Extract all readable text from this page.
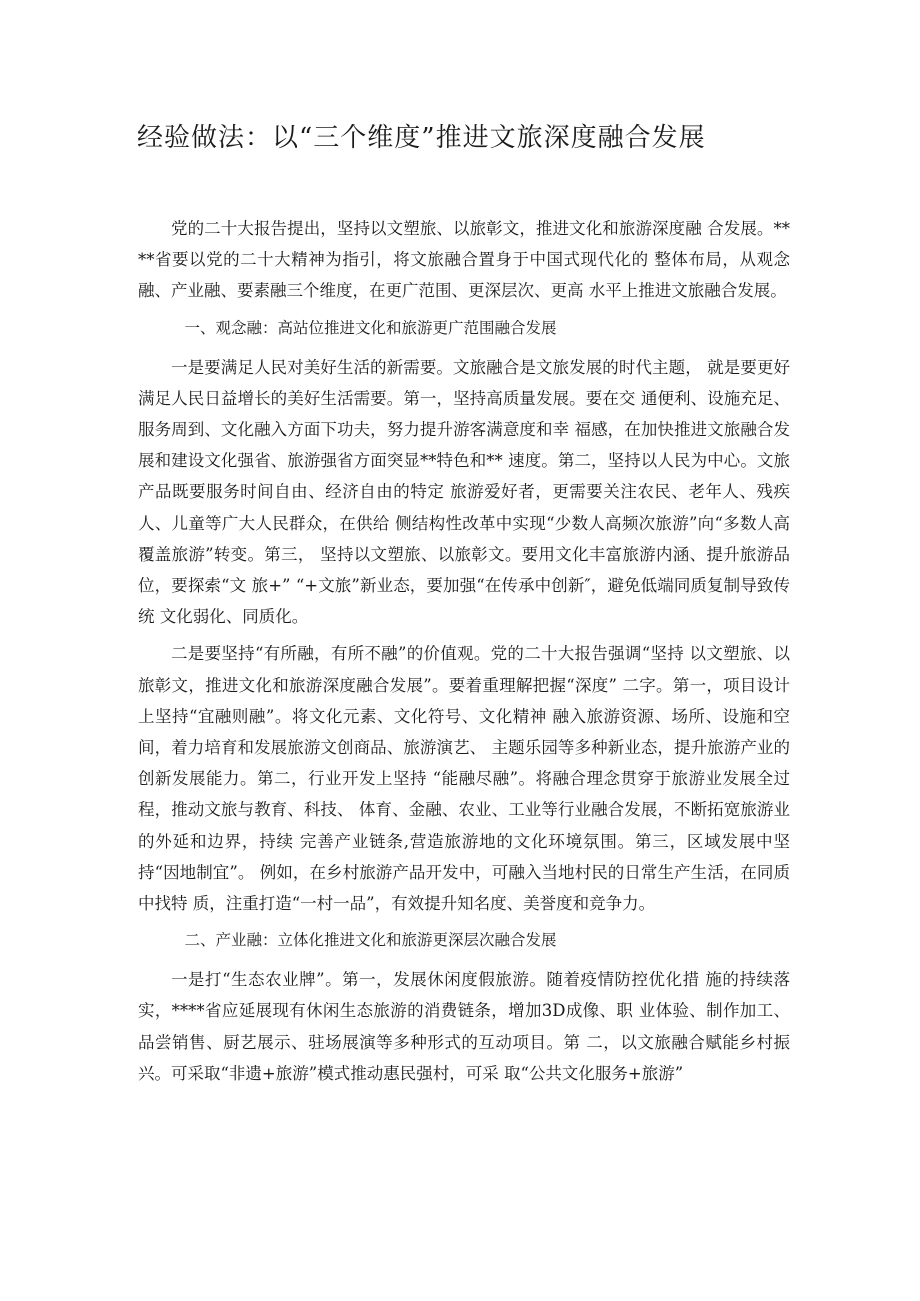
经验做法：以“三个维度”推进文旅深度融合发展

党的二十大报告提出，坚持以文塑旅、以旅彰文，推进文化和旅游深度融 合发展。****省要以党的二十大精神为指引，将文旅融合置身于中国式现代化的 整体布局，从观念融、产业融、要素融三个维度，在更广范围、更深层次、更高 水平上推进文旅融合发展。

一、观念融：高站位推进文化和旅游更广范围融合发展

一是要满足人民对美好生活的新需要。文旅融合是文旅发展的时代主题， 就是要更好满足人民日益增长的美好生活需要。第一，坚持高质量发展。要在交 通便利、设施充足、服务周到、文化融入方面下功夫，努力提升游客满意度和幸 福感，在加快推进文旅融合发展和建设文化强省、旅游强省方面突显**特色和** 速度。第二，坚持以人民为中心。文旅产品既要服务时间自由、经济自由的特定 旅游爱好者，更需要关注农民、老年人、残疾人、儿童等广大人民群众，在供给 侧结构性改革中实现“少数人高频次旅游”向“多数人高覆盖旅游”转变。第三， 坚持以文塑旅、以旅彰文。要用文化丰富旅游内涵、提升旅游品位，要探索“文 旅+” “+文旅”新业态，要加强“在传承中创新″，避免低端同质复制导致传统 文化弱化、同质化。

二是要坚持“有所融，有所不融”的价值观。党的二十大报告强调“坚持 以文塑旅、以旅彰文，推进文化和旅游深度融合发展”。要着重理解把握“深度” 二字。第一，项目设计上坚持“宜融则融”。将文化元素、文化符号、文化精神 融入旅游资源、场所、设施和空间，着力培育和发展旅游文创商品、旅游演艺、 主题乐园等多种新业态，提升旅游产业的创新发展能力。第二，行业开发上坚持 “能融尽融”。将融合理念贯穿于旅游业发展全过程，推动文旅与教育、科技、 体育、金融、农业、工业等行业融合发展，不断拓宽旅游业的外延和边界，持续 完善产业链条,营造旅游地的文化环境氛围。第三，区域发展中坚持“因地制宜”。 例如，在乡村旅游产品开发中，可融入当地村民的日常生产生活，在同质中找特 质，注重打造“一村一品”，有效提升知名度、美誉度和竞争力。

二、产业融：立体化推进文化和旅游更深层次融合发展

一是打“生态农业牌”。第一，发展休闲度假旅游。随着疫情防控优化措 施的持续落实，****省应延展现有休闲生态旅游的消费链条，增加3D成像、职 业体验、制作加工、品尝销售、厨艺展示、驻场展演等多种形式的互动项目。第 二，以文旅融合赋能乡村振兴。可采取“非遗+旅游”模式推动惠民强村，可采 取“公共文化服务+旅游”
